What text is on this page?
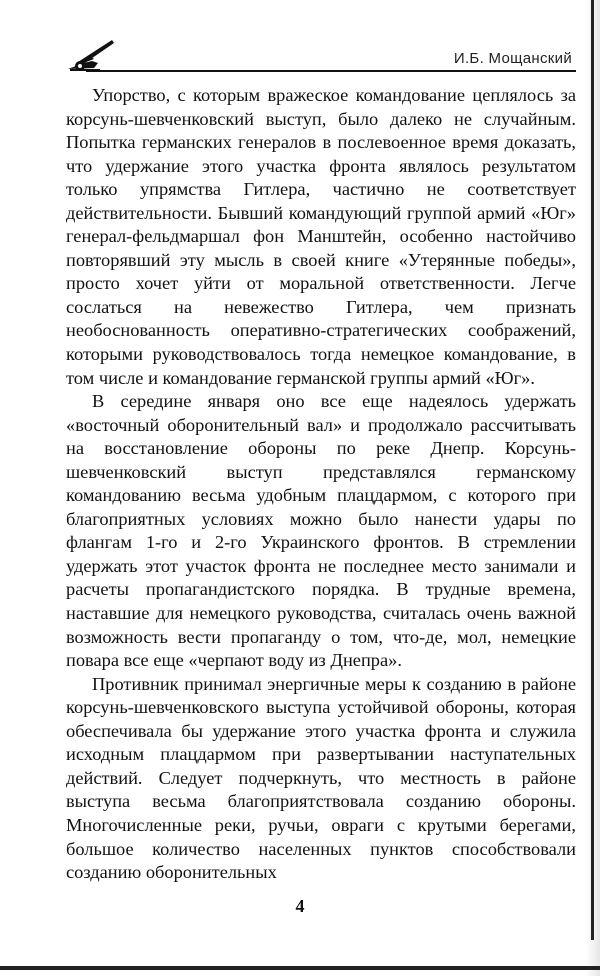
И.Б. Мощанский

Упорство, с которым вражеское командование цеплялось за корсунь-шевченковский выступ, было далеко не случайным. Попытка германских генералов в послевоенное время доказать, что удержание этого участка фронта являлось результатом только упрямства Гитлера, частично не соответствует действительности. Бывший командующий группой армий «Юг» генерал-фельдмаршал фон Манштейн, особенно настойчиво повторявший эту мысль в своей книге «Утерянные победы», просто хочет уйти от моральной ответственности. Легче сослаться на невежество Гитлера, чем признать необоснованность оперативно-стратегических соображений, которыми руководствовалось тогда немецкое командование, в том числе и командование германской группы армий «Юг».

В середине января оно все еще надеялось удержать «восточный оборонительный вал» и продолжало рассчитывать на восстановление обороны по реке Днепр. Корсунь-шевченковский выступ представлялся германскому командованию весьма удобным плацдармом, с которого при благоприятных условиях можно было нанести удары по флангам 1-го и 2-го Украинского фронтов. В стремлении удержать этот участок фронта не последнее место занимали и расчеты пропагандистского порядка. В трудные времена, наставшие для немецкого руководства, считалась очень важной возможность вести пропаганду о том, что-де, мол, немецкие повара все еще «черпают воду из Днепра».

Противник принимал энергичные меры к созданию в районе корсунь-шевченковского выступа устойчивой обороны, которая обеспечивала бы удержание этого участка фронта и служила исходным плацдармом при развертывании наступательных действий. Следует подчеркнуть, что местность в районе выступа весьма благоприятствовала созданию обороны. Многочисленные реки, ручьи, овраги с крутыми берегами, большое количество населенных пунктов способствовали созданию оборонительных

4
